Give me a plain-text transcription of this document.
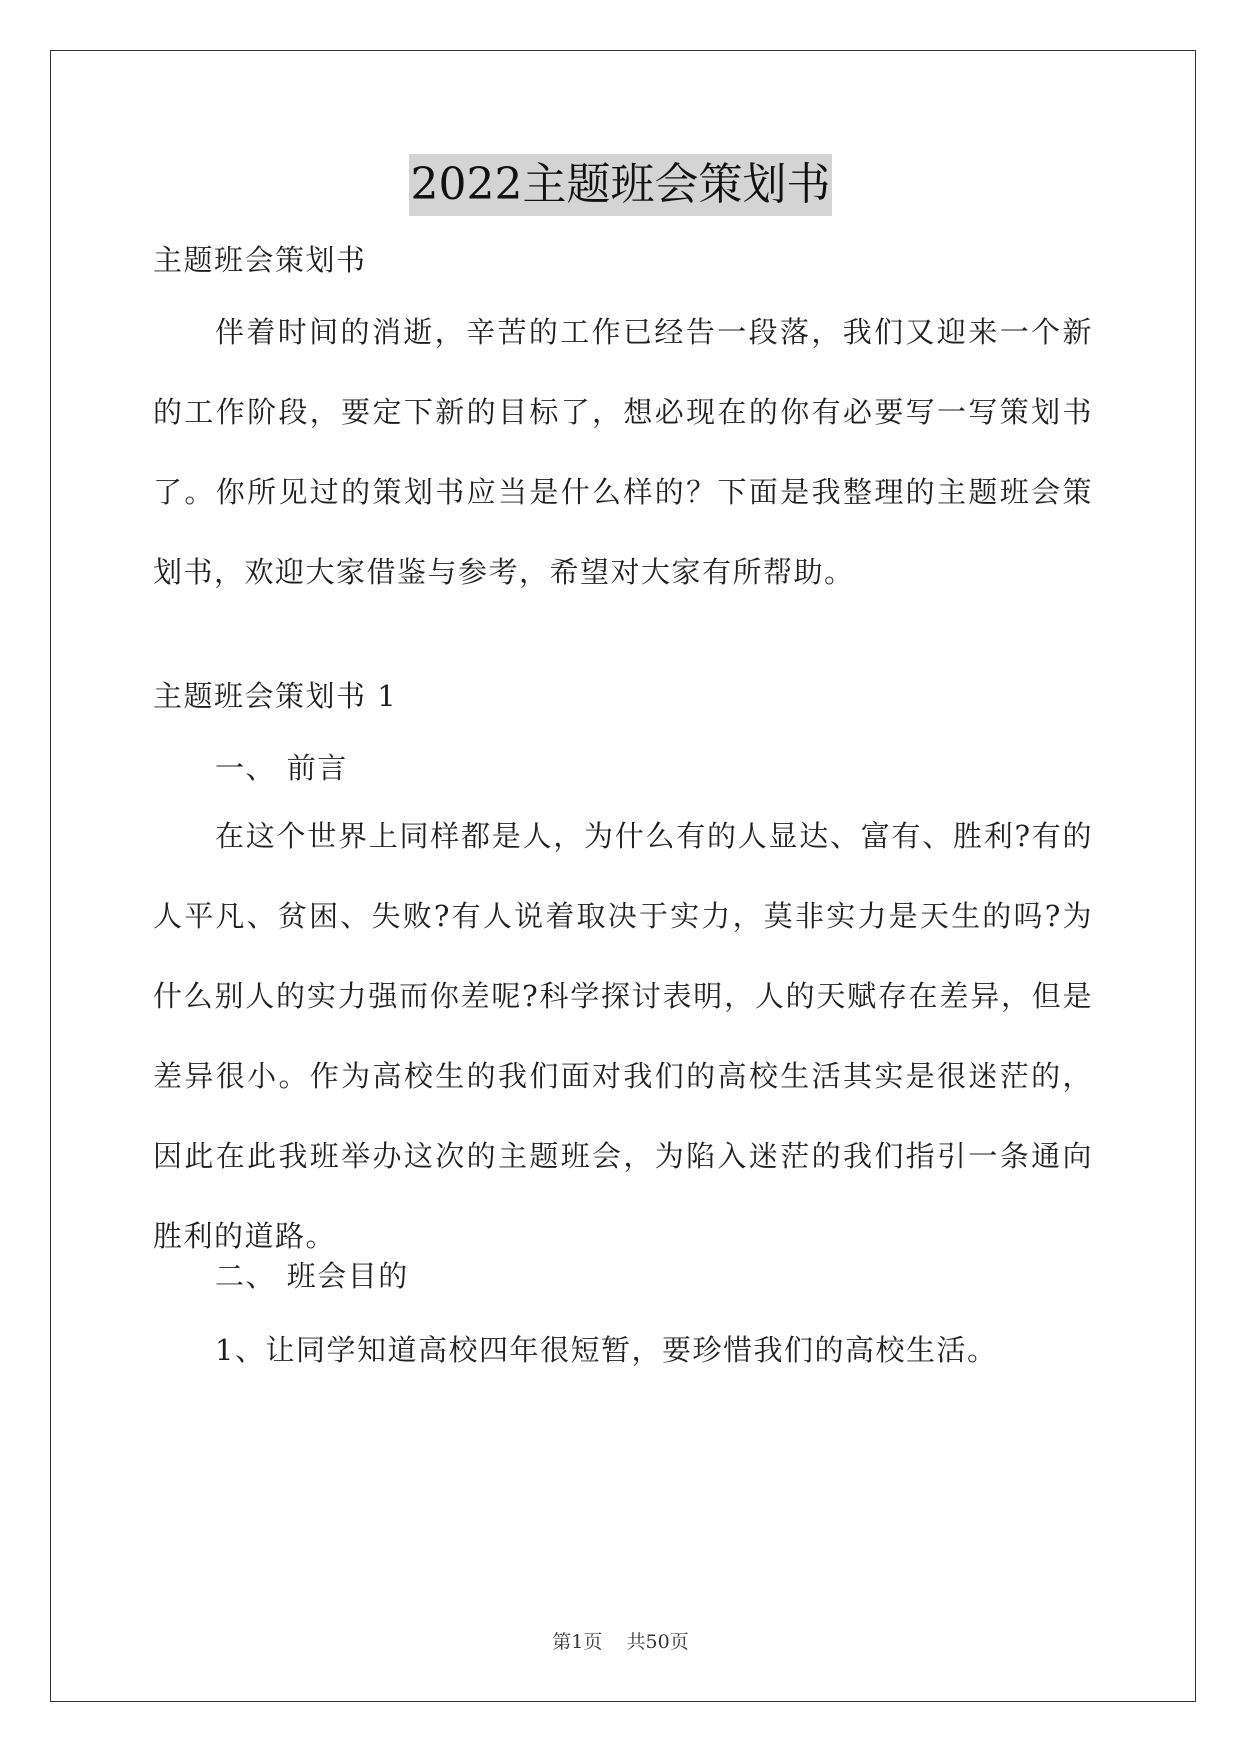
2022主题班会策划书
主题班会策划书
伴着时间的消逝，辛苦的工作已经告一段落，我们又迎来一个新的工作阶段，要定下新的目标了，想必现在的你有必要写一写策划书了。你所见过的策划书应当是什么样的？下面是我整理的主题班会策划书，欢迎大家借鉴与参考，希望对大家有所帮助。
主题班会策划书 1
一、 前言
在这个世界上同样都是人，为什么有的人显达、富有、胜利?有的人平凡、贫困、失败?有人说着取决于实力，莫非实力是天生的吗?为什么别人的实力强而你差呢?科学探讨表明，人的天赋存在差异，但是差异很小。作为高校生的我们面对我们的高校生活其实是很迷茫的，因此在此我班举办这次的主题班会，为陷入迷茫的我们指引一条通向胜利的道路。
二、 班会目的
1、让同学知道高校四年很短暂，要珍惜我们的高校生活。
第1页 共50页
